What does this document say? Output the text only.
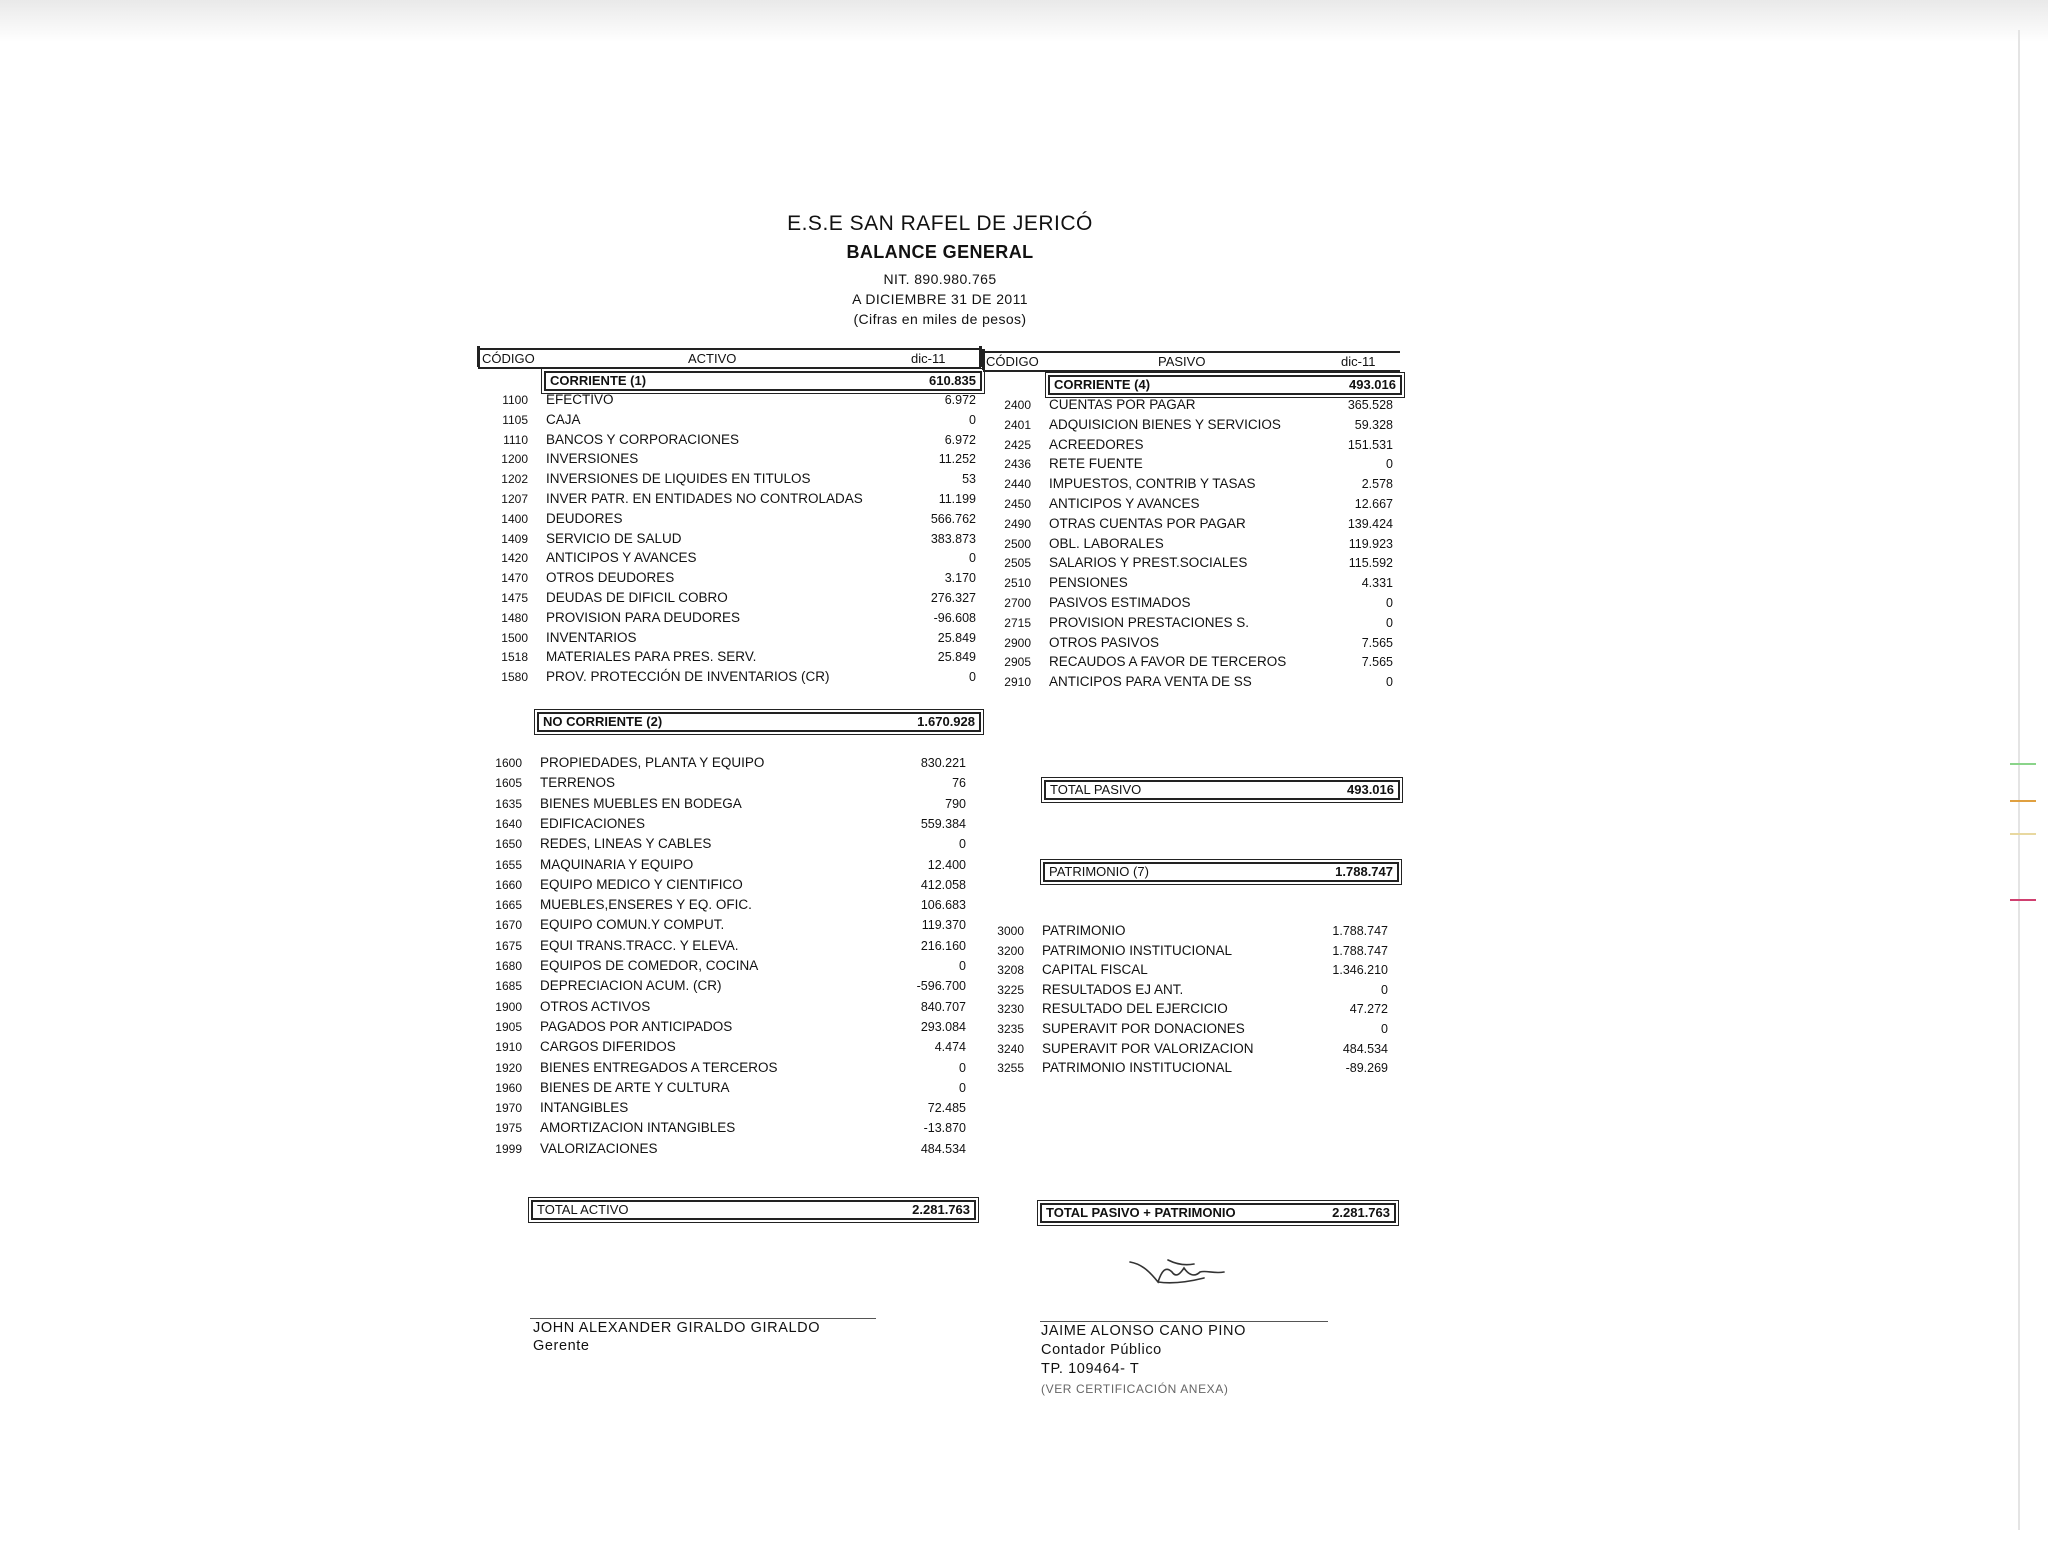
E.S.E SAN RAFEL DE JERICÓ
BALANCE GENERAL
NIT. 890.980.765
A DICIEMBRE 31 DE 2011
(Cifras en miles de pesos)
CÓDIGO	ACTIVO	dic-11	CÓDIGO	PASIVO	dic-11
CORRIENTE (1)	610.835
1100 EFECTIVO	6.972
1105 CAJA	0
1110 BANCOS Y CORPORACIONES	6.972
1200 INVERSIONES	11.252
1202 INVERSIONES DE LIQUIDES EN TITULOS	53
1207 INVER PATR. EN ENTIDADES NO CONTROLADAS	11.199
1400 DEUDORES	566.762
1409 SERVICIO DE SALUD	383.873
1420 ANTICIPOS Y AVANCES	0
1470 OTROS DEUDORES	3.170
1475 DEUDAS DE DIFICIL COBRO	276.327
1480 PROVISION PARA DEUDORES	-96.608
1500 INVENTARIOS	25.849
1518 MATERIALES PARA PRES. SERV.	25.849
1580 PROV. PROTECCIÓN DE INVENTARIOS (CR)	0
NO CORRIENTE (2)	1.670.928
1600 PROPIEDADES, PLANTA Y EQUIPO	830.221
1605 TERRENOS	76
1635 BIENES MUEBLES EN BODEGA	790
1640 EDIFICACIONES	559.384
1650 REDES, LINEAS Y CABLES	0
1655 MAQUINARIA Y EQUIPO	12.400
1660 EQUIPO MEDICO Y CIENTIFICO	412.058
1665 MUEBLES,ENSERES Y EQ. OFIC.	106.683
1670 EQUIPO COMUN.Y COMPUT.	119.370
1675 EQUI TRANS.TRACC. Y ELEVA.	216.160
1680 EQUIPOS DE COMEDOR, COCINA	0
1685 DEPRECIACION ACUM. (CR)	-596.700
1900 OTROS ACTIVOS	840.707
1905 PAGADOS POR ANTICIPADOS	293.084
1910 CARGOS DIFERIDOS	4.474
1920 BIENES ENTREGADOS A TERCEROS	0
1960 BIENES DE ARTE Y CULTURA	0
1970 INTANGIBLES	72.485
1975 AMORTIZACION INTANGIBLES	-13.870
1999 VALORIZACIONES	484.534
TOTAL ACTIVO	2.281.763
CORRIENTE (4)	493.016
2400 CUENTAS POR PAGAR	365.528
2401 ADQUISICION BIENES Y SERVICIOS	59.328
2425 ACREEDORES	151.531
2436 RETE FUENTE	0
2440 IMPUESTOS, CONTRIB Y TASAS	2.578
2450 ANTICIPOS Y AVANCES	12.667
2490 OTRAS CUENTAS POR PAGAR	139.424
2500 OBL. LABORALES	119.923
2505 SALARIOS Y PREST.SOCIALES	115.592
2510 PENSIONES	4.331
2700 PASIVOS ESTIMADOS	0
2715 PROVISION PRESTACIONES S.	0
2900 OTROS PASIVOS	7.565
2905 RECAUDOS A FAVOR DE TERCEROS	7.565
2910 ANTICIPOS PARA VENTA DE SS	0
TOTAL PASIVO	493.016
PATRIMONIO (7)	1.788.747
3000 PATRIMONIO	1.788.747
3200 PATRIMONIO INSTITUCIONAL	1.788.747
3208 CAPITAL FISCAL	1.346.210
3225 RESULTADOS EJ ANT.	0
3230 RESULTADO DEL EJERCICIO	47.272
3235 SUPERAVIT POR DONACIONES	0
3240 SUPERAVIT POR VALORIZACION	484.534
3255 PATRIMONIO INSTITUCIONAL	-89.269
TOTAL PASIVO + PATRIMONIO	2.281.763
JOHN ALEXANDER GIRALDO GIRALDO
Gerente
JAIME ALONSO CANO PINO
Contador Público
TP. 109464- T
(VER CERTIFICACIÓN ANEXA)
